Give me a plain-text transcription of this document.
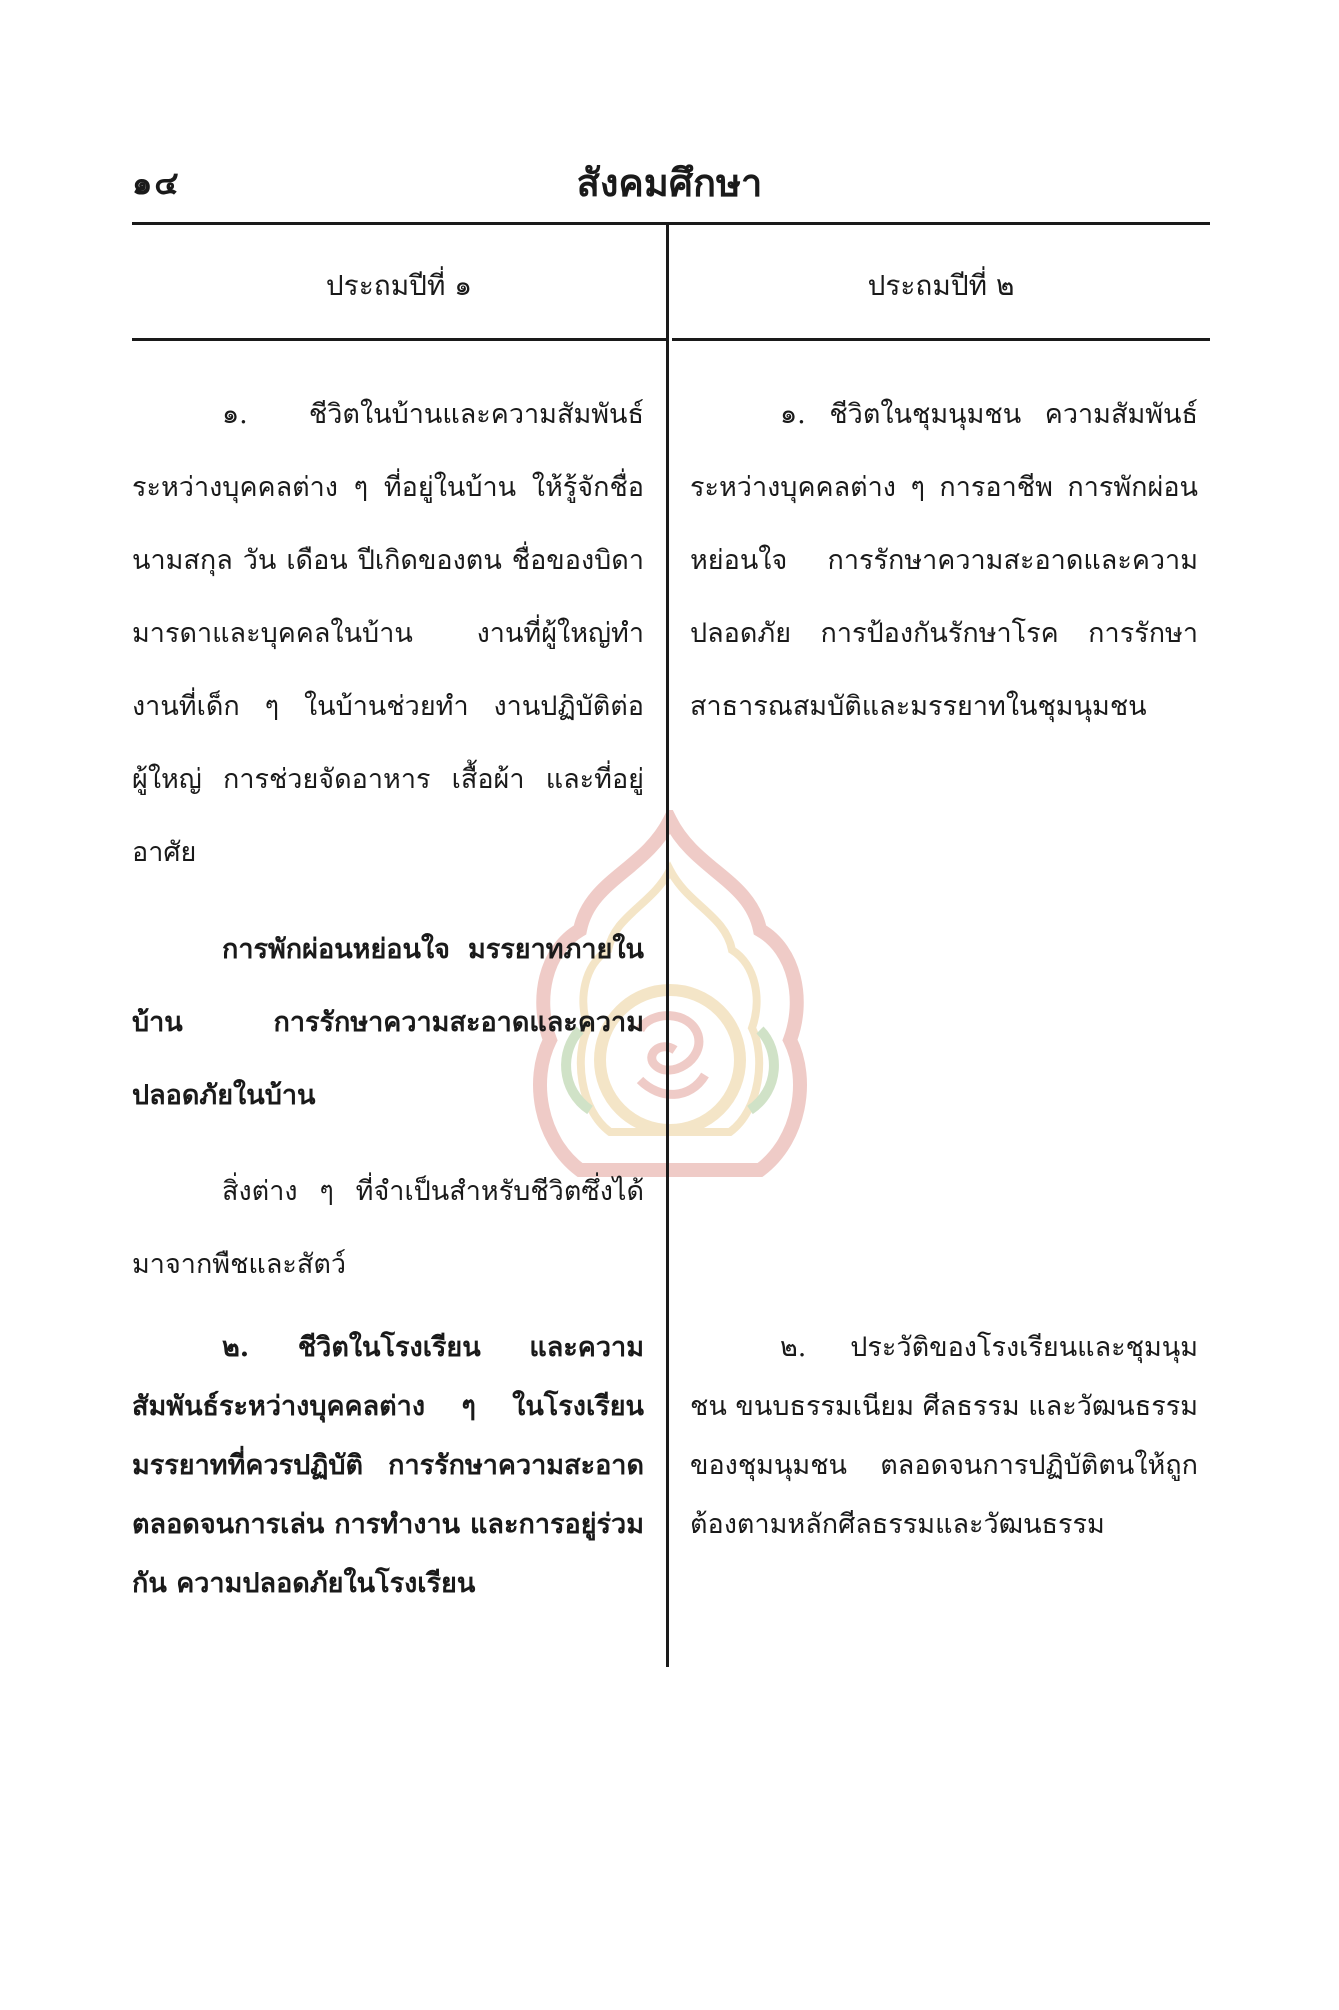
๑๔	สังคมศึกษา
ประถมปีที่ ๑	ประถมปีที่ ๒

๑. ชีวิตในบ้านและความสัมพันธ์ระหว่างบุคคลต่าง ๆ ที่อยู่ในบ้าน ให้รู้จักชื่อ นามสกุล วัน เดือน ปีเกิดของตน ชื่อของบิดามารดาและบุคคลในบ้าน งานที่ผู้ใหญ่ทำ งานที่เด็ก ๆ ในบ้านช่วยทำ งานปฏิบัติต่อผู้ใหญ่ การช่วยจัดอาหาร เสื้อผ้า และที่อยู่อาศัย

การพักผ่อนหย่อนใจ มรรยาทภายในบ้าน การรักษาความสะอาดและความปลอดภัยในบ้าน

สิ่งต่าง ๆ ที่จำเป็นสำหรับชีวิตซึ่งได้มาจากพืชและสัตว์

๒. ชีวิตในโรงเรียน และความสัมพันธ์ระหว่างบุคคลต่าง ๆ ในโรงเรียน มรรยาทที่ควรปฏิบัติ การรักษาความสะอาด ตลอดจนการเล่น การทำงาน และการอยู่ร่วมกัน ความปลอดภัยในโรงเรียน

๑. ชีวิตในชุมนุมชน ความสัมพันธ์ระหว่างบุคคลต่าง ๆ การอาชีพ การพักผ่อนหย่อนใจ การรักษาความสะอาดและความปลอดภัย การป้องกันรักษาโรค การรักษาสาธารณสมบัติและมรรยาทในชุมนุมชน

๒. ประวัติของโรงเรียนและชุมนุมชน ขนบธรรมเนียม ศีลธรรม และวัฒนธรรมของชุมนุมชน ตลอดจนการปฏิบัติตนให้ถูกต้องตามหลักศีลธรรมและวัฒนธรรม
